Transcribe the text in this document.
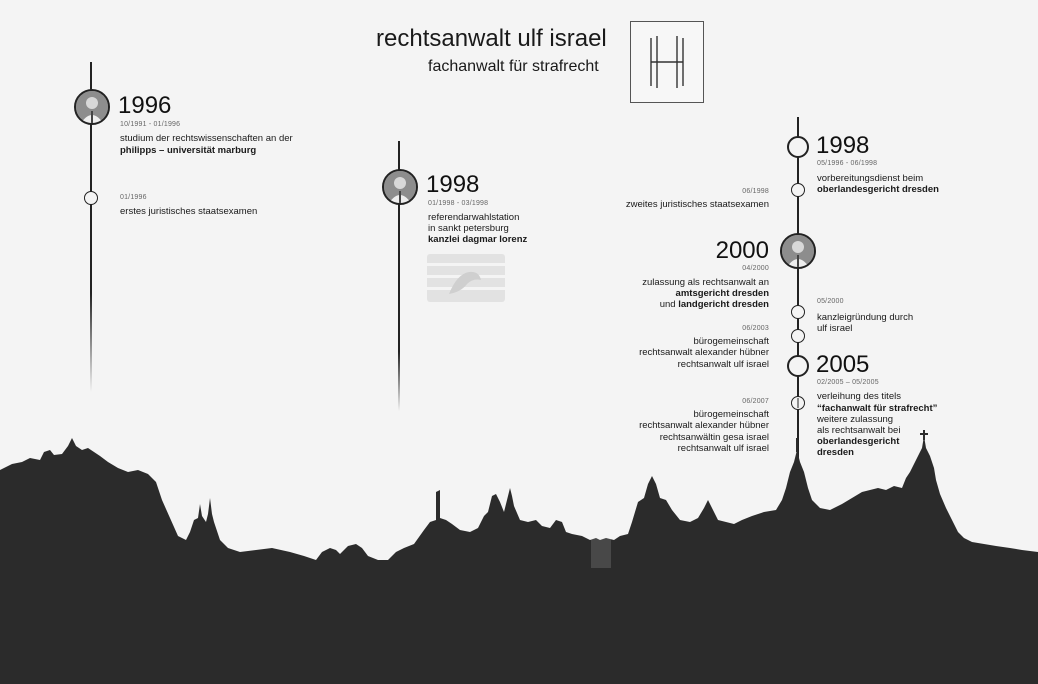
rechtsanwalt ulf israel
fachanwalt für strafrecht
1996
10/1991 - 01/1996
studium der rechtswissenschaften an der
philipps – universität marburg
01/1996
erstes juristisches staatsexamen
1998
01/1998 - 03/1998
referendarwahlstation
in sankt petersburg
kanzlei dagmar lorenz
1998
05/1996 - 06/1998
vorbereitungsdienst beim
oberlandesgericht dresden
06/1998
zweites juristisches staatsexamen
2000
04/2000
zulassung als rechtsanwalt an
amtsgericht dresden
und landgericht dresden	05/2000
kanzleigründung durch
ulf israel
06/2003
bürogemeinschaft
rechtsanwalt alexander hübner
rechtsanwalt ulf israel 2005
02/2005 – 05/2005
verleihung des titels
“fachanwalt für strafrecht”
weitere zulassung
als rechtsanwalt bei
oberlandesgericht
dresden
06/2007
bürogemeinschaft
rechtsanwalt alexander hübner
rechtsanwältin gesa israel
rechtsanwalt ulf israel
